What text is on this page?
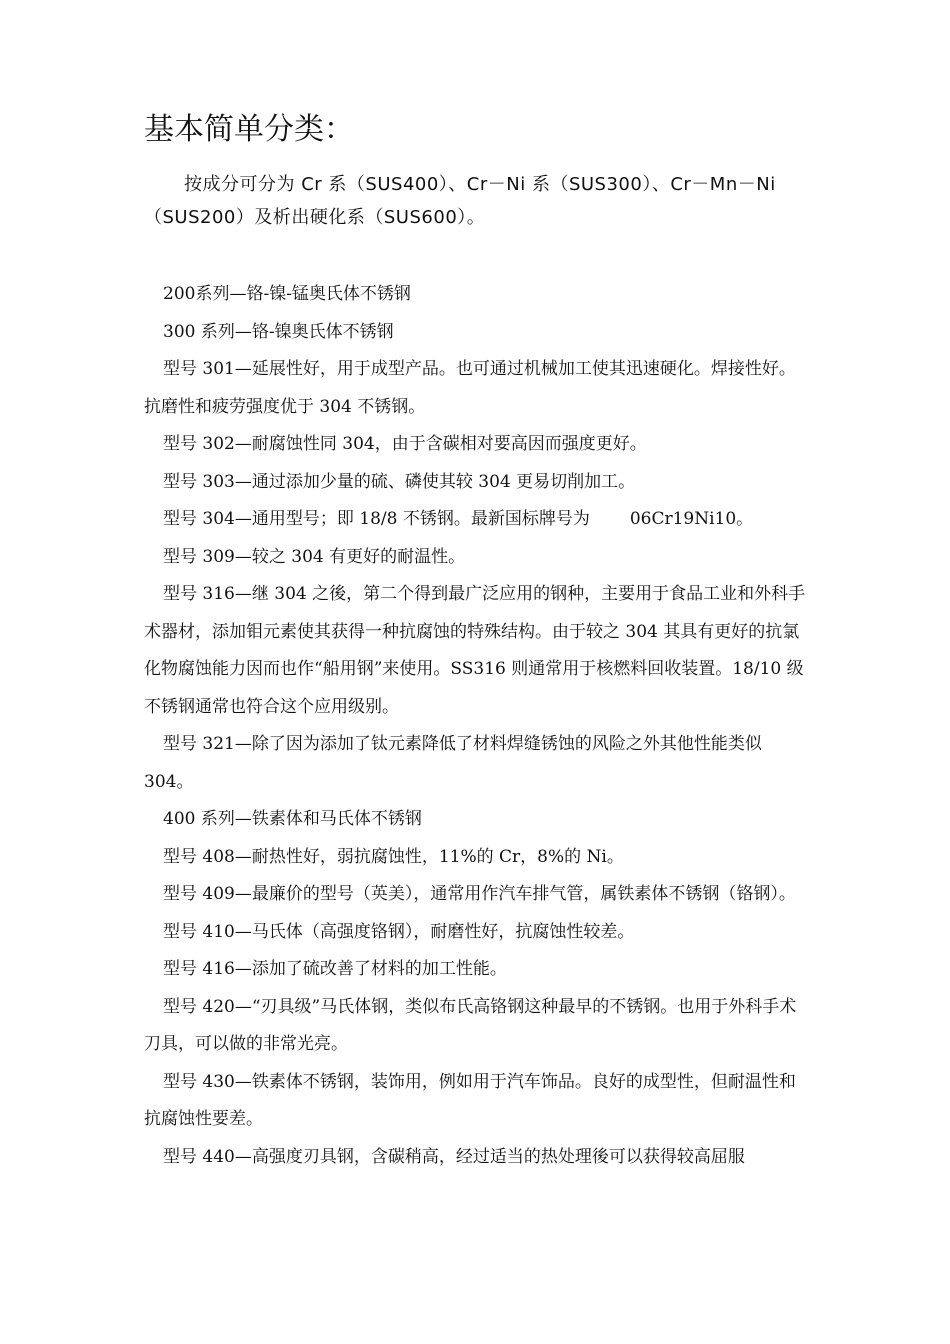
基本简单分类：

按成分可分为 Cr 系（SUS400）、Cr－Ni 系（SUS300）、Cr－Mn－Ni（SUS200）及析出硬化系（SUS600）。

200系列—铬-镍-锰奥氏体不锈钢

300 系列—铬-镍奥氏体不锈钢

型号 301—延展性好，用于成型产品。也可通过机械加工使其迅速硬化。焊接性好。抗磨性和疲劳强度优于 304 不锈钢。

型号 302—耐腐蚀性同 304，由于含碳相对要高因而强度更好。

型号 303—通过添加少量的硫、磷使其较 304 更易切削加工。

型号 304—通用型号；即 18/8 不锈钢。最新国标牌号为 06Cr19Ni10。

型号 309—较之 304 有更好的耐温性。

型号 316—继 304 之後，第二个得到最广泛应用的钢种，主要用于食品工业和外科手术器材，添加钼元素使其获得一种抗腐蚀的特殊结构。由于较之 304 其具有更好的抗氯化物腐蚀能力因而也作“船用钢”来使用。SS316 则通常用于核燃料回收装置。18/10 级不锈钢通常也符合这个应用级别。

型号 321—除了因为添加了钛元素降低了材料焊缝锈蚀的风险之外其他性能类似 304。

400 系列—铁素体和马氏体不锈钢

型号 408—耐热性好，弱抗腐蚀性，11%的 Cr，8%的 Ni。

型号 409—最廉价的型号（英美），通常用作汽车排气管，属铁素体不锈钢（铬钢）。

型号 410—马氏体（高强度铬钢），耐磨性好，抗腐蚀性较差。

型号 416—添加了硫改善了材料的加工性能。

型号 420—“刃具级”马氏体钢，类似布氏高铬钢这种最早的不锈钢。也用于外科手术刀具，可以做的非常光亮。

型号 430—铁素体不锈钢，装饰用，例如用于汽车饰品。良好的成型性，但耐温性和抗腐蚀性要差。

型号 440—高强度刃具钢，含碳稍高，经过适当的热处理後可以获得较高屈服
